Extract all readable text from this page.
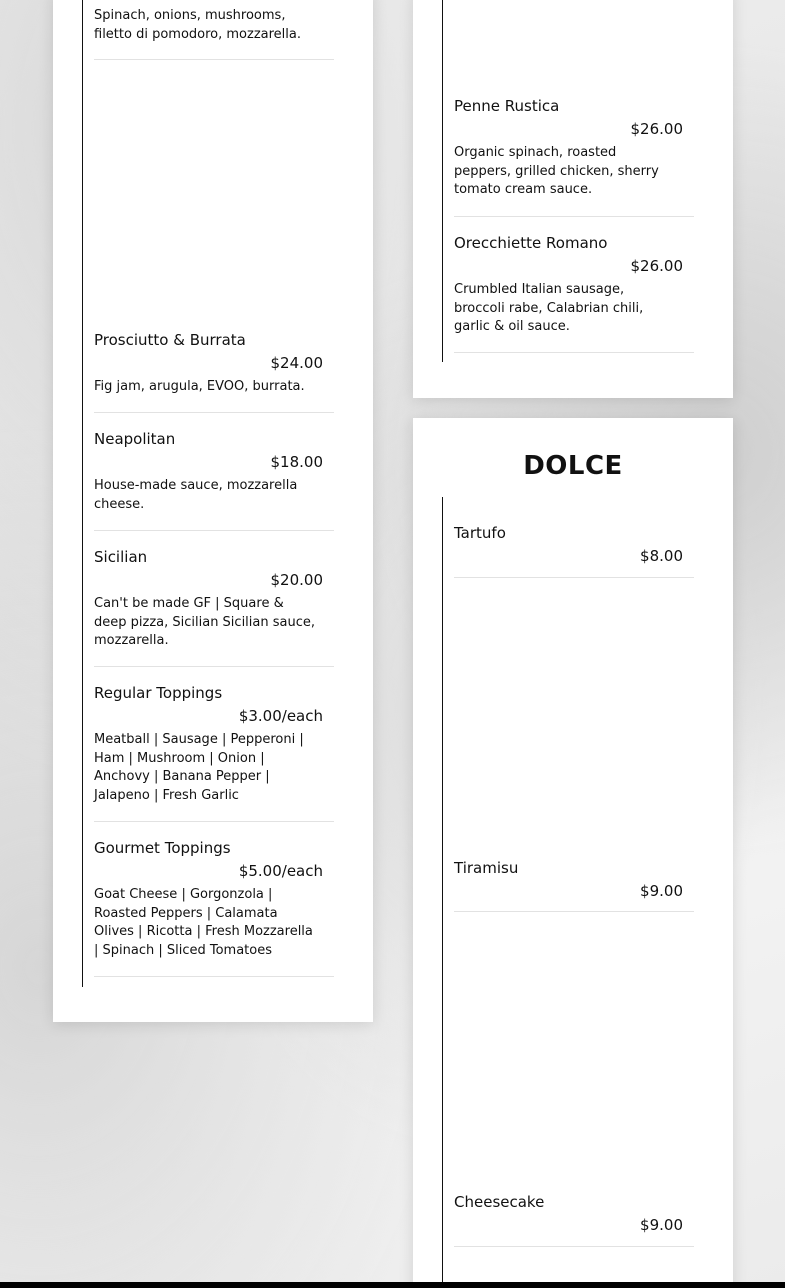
Spinach, onions, mushrooms, filetto di pomodoro, mozzarella.
Prosciutto & Burrata
$24.00
Fig jam, arugula, EVOO, burrata.
Neapolitan
$18.00
House-made sauce, mozzarella cheese.
Sicilian
$20.00
Can't be made GF | Square & deep pizza, Sicilian Sicilian sauce, mozzarella.
Regular Toppings
$3.00/each
Meatball | Sausage | Pepperoni | Ham | Mushroom | Onion | Anchovy | Banana Pepper | Jalapeno | Fresh Garlic
Gourmet Toppings
$5.00/each
Goat Cheese | Gorgonzola | Roasted Peppers | Calamata Olives | Ricotta | Fresh Mozzarella | Spinach | Sliced Tomatoes
Penne Rustica
$26.00
Organic spinach, roasted peppers, grilled chicken, sherry tomato cream sauce.
Orecchiette Romano
$26.00
Crumbled Italian sausage, broccoli rabe, Calabrian chili, garlic & oil sauce.
DOLCE
Tartufo
$8.00
Tiramisu
$9.00
Cheesecake
$9.00
